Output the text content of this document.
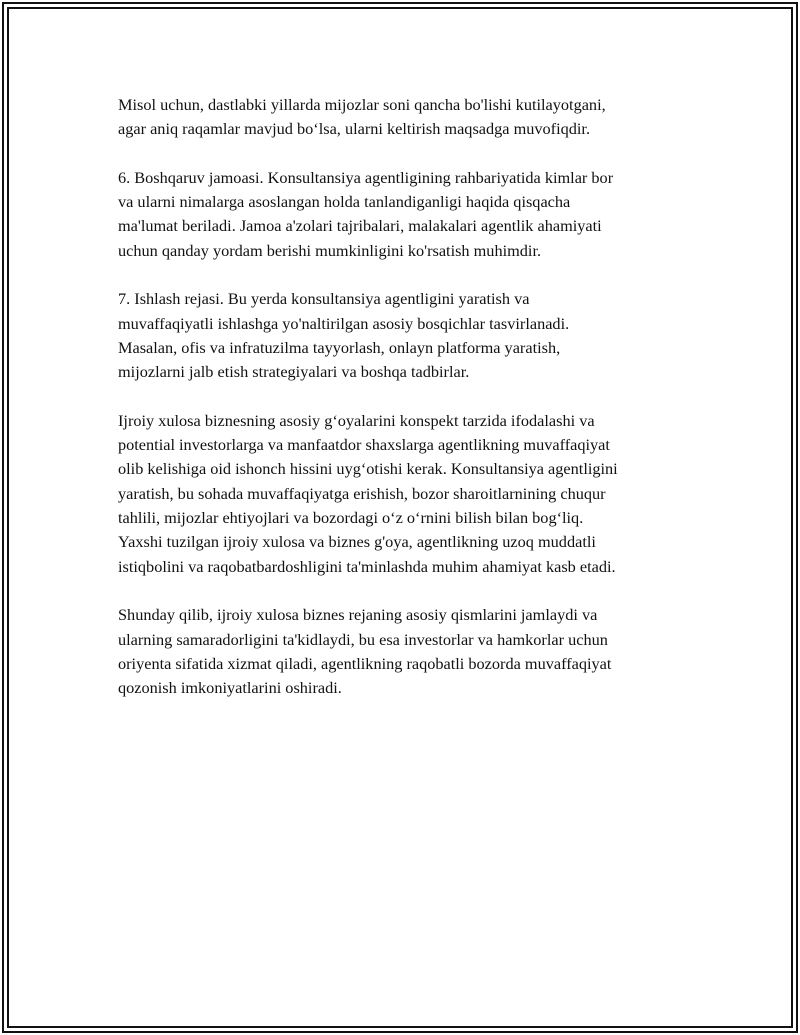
Misol uchun, dastlabki yillarda mijozlar soni qancha bo'lishi kutilayotgani,
agar aniq raqamlar mavjud bo‘lsa, ularni keltirish maqsadga muvofiqdir.

6. Boshqaruv jamoasi. Konsultansiya agentligining rahbariyatida kimlar bor
va ularni nimalarga asoslangan holda tanlandiganligi haqida qisqacha
ma'lumat beriladi. Jamoa a'zolari tajribalari, malakalari agentlik ahamiyati
uchun qanday yordam berishi mumkinligini ko'rsatish muhimdir.

7. Ishlash rejasi. Bu yerda konsultansiya agentligini yaratish va
muvaffaqiyatli ishlashga yo'naltirilgan asosiy bosqichlar tasvirlanadi.
Masalan, ofis va infratuzilma tayyorlash, onlayn platforma yaratish,
mijozlarni jalb etish strategiyalari va boshqa tadbirlar.

Ijroiy xulosa biznesning asosiy g‘oyalarini konspekt tarzida ifodalashi va
potential investorlarga va manfaatdor shaxslarga agentlikning muvaffaqiyat
olib kelishiga oid ishonch hissini uyg‘otishi kerak. Konsultansiya agentligini
yaratish, bu sohada muvaffaqiyatga erishish, bozor sharoitlarnining chuqur
tahlili, mijozlar ehtiyojlari va bozordagi o‘z o‘rnini bilish bilan bog‘liq.
Yaxshi tuzilgan ijroiy xulosa va biznes g'oya, agentlikning uzoq muddatli
istiqbolini va raqobatbardoshligini ta'minlashda muhim ahamiyat kasb etadi.

Shunday qilib, ijroiy xulosa biznes rejaning asosiy qismlarini jamlaydi va
ularning samaradorligini ta'kidlaydi, bu esa investorlar va hamkorlar uchun
oriyenta sifatida xizmat qiladi, agentlikning raqobatli bozorda muvaffaqiyat
qozonish imkoniyatlarini oshiradi.
